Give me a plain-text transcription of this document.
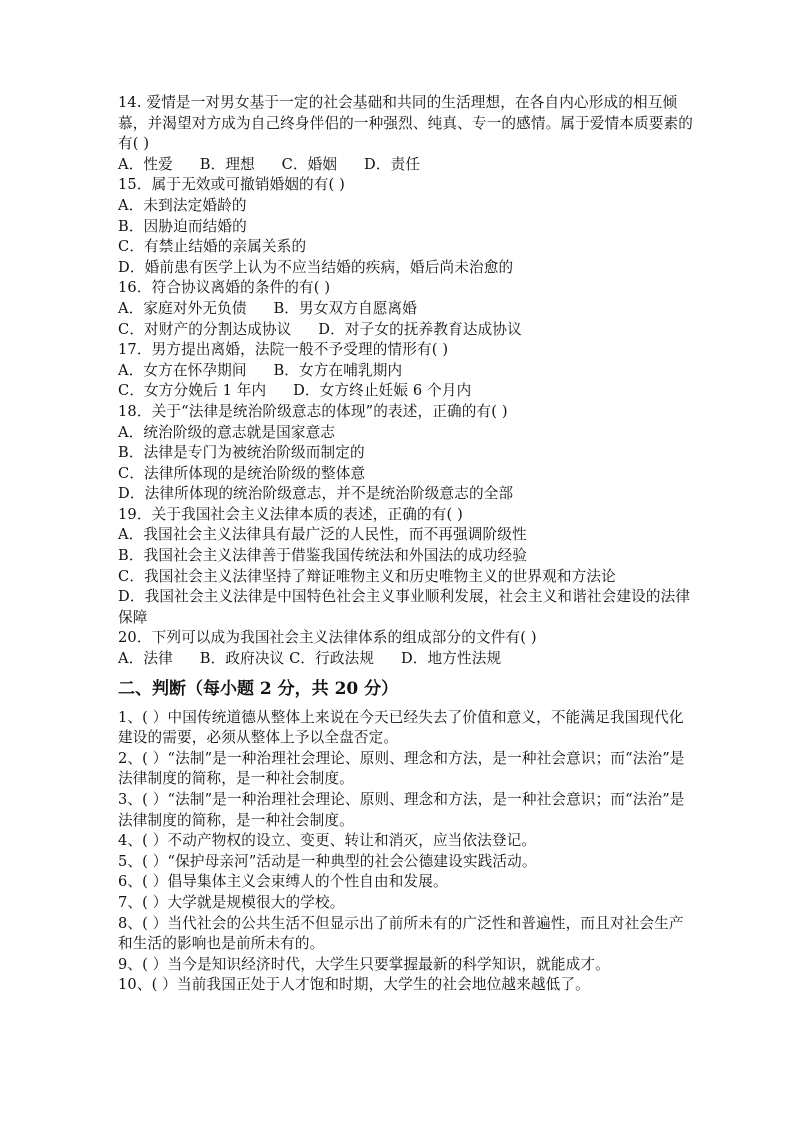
14. 爱情是一对男女基于一定的社会基础和共同的生活理想，在各自内心形成的相互倾慕，并渴望对方成为自己终身伴侣的一种强烈、纯真、专一的感情。属于爱情本质要素的有( )
A．性爱 B．理想 C．婚姻 D．责任
15．属于无效或可撤销婚姻的有( )
A．未到法定婚龄的
B．因胁迫而结婚的
C．有禁止结婚的亲属关系的
D．婚前患有医学上认为不应当结婚的疾病，婚后尚未治愈的
16．符合协议离婚的条件的有( )
A．家庭对外无负债 B．男女双方自愿离婚
C．对财产的分割达成协议 D．对子女的抚养教育达成协议
17．男方提出离婚，法院一般不予受理的情形有( )
A．女方在怀孕期间 B．女方在哺乳期内
C．女方分娩后 1 年内 D．女方终止妊娠 6 个月内
18．关于“法律是统治阶级意志的体现”的表述，正确的有( )
A．统治阶级的意志就是国家意志
B．法律是专门为被统治阶级而制定的
C．法律所体现的是统治阶级的整体意
D．法律所体现的统治阶级意志，并不是统治阶级意志的全部
19．关于我国社会主义法律本质的表述，正确的有( )
A．我国社会主义法律具有最广泛的人民性，而不再强调阶级性
B．我国社会主义法律善于借鉴我国传统法和外国法的成功经验
C．我国社会主义法律坚持了辩证唯物主义和历史唯物主义的世界观和方法论
D．我国社会主义法律是中国特色社会主义事业顺利发展，社会主义和谐社会建设的法律保障
20．下列可以成为我国社会主义法律体系的组成部分的文件有( )
A．法律 B．政府决议 C．行政法规 D．地方性法规
二、判断（每小题 2 分，共 20 分）
1、( ）中国传统道德从整体上来说在今天已经失去了价值和意义，不能满足我国现代化建设的需要，必须从整体上予以全盘否定。
2、( ）“法制”是一种治理社会理论、原则、理念和方法，是一种社会意识；而“法治”是法律制度的简称，是一种社会制度。
3、( ）“法制”是一种治理社会理论、原则、理念和方法，是一种社会意识；而“法治”是法律制度的简称，是一种社会制度。
4、( ）不动产物权的设立、变更、转让和消灭，应当依法登记。
5、( ）“保护母亲河”活动是一种典型的社会公德建设实践活动。
6、( ）倡导集体主义会束缚人的个性自由和发展。
7、( ）大学就是规模很大的学校。
8、( ）当代社会的公共生活不但显示出了前所未有的广泛性和普遍性，而且对社会生产和生活的影响也是前所未有的。
9、( ）当今是知识经济时代，大学生只要掌握最新的科学知识，就能成才。
10、( ）当前我国正处于人才饱和时期，大学生的社会地位越来越低了。
